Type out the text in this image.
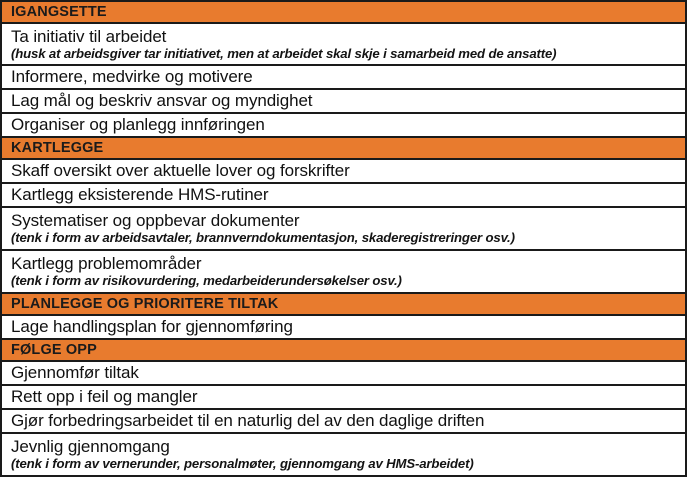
IGANGSETTE

Ta initiativ til arbeidet
(husk at arbeidsgiver tar initiativet, men at arbeidet skal skje i samarbeid med de ansatte)

Informere, medvirke og motivere

Lag mål og beskriv ansvar og myndighet

Organiser og planlegg innføringen

KARTLEGGE

Skaff oversikt over aktuelle lover og forskrifter

Kartlegg eksisterende HMS-rutiner

Systematiser og oppbevar dokumenter
(tenk i form av arbeidsavtaler, brannverndokumentasjon, skaderegistreringer osv.)

Kartlegg problemområder
(tenk i form av risikovurdering, medarbeiderundersøkelser osv.)

PLANLEGGE OG PRIORITERE TILTAK

Lage handlingsplan for gjennomføring

FØLGE OPP

Gjennomfør tiltak

Rett opp i feil og mangler

Gjør forbedringsarbeidet til en naturlig del av den daglige driften

Jevnlig gjennomgang
(tenk i form av vernerunder, personalmøter, gjennomgang av HMS-arbeidet)
